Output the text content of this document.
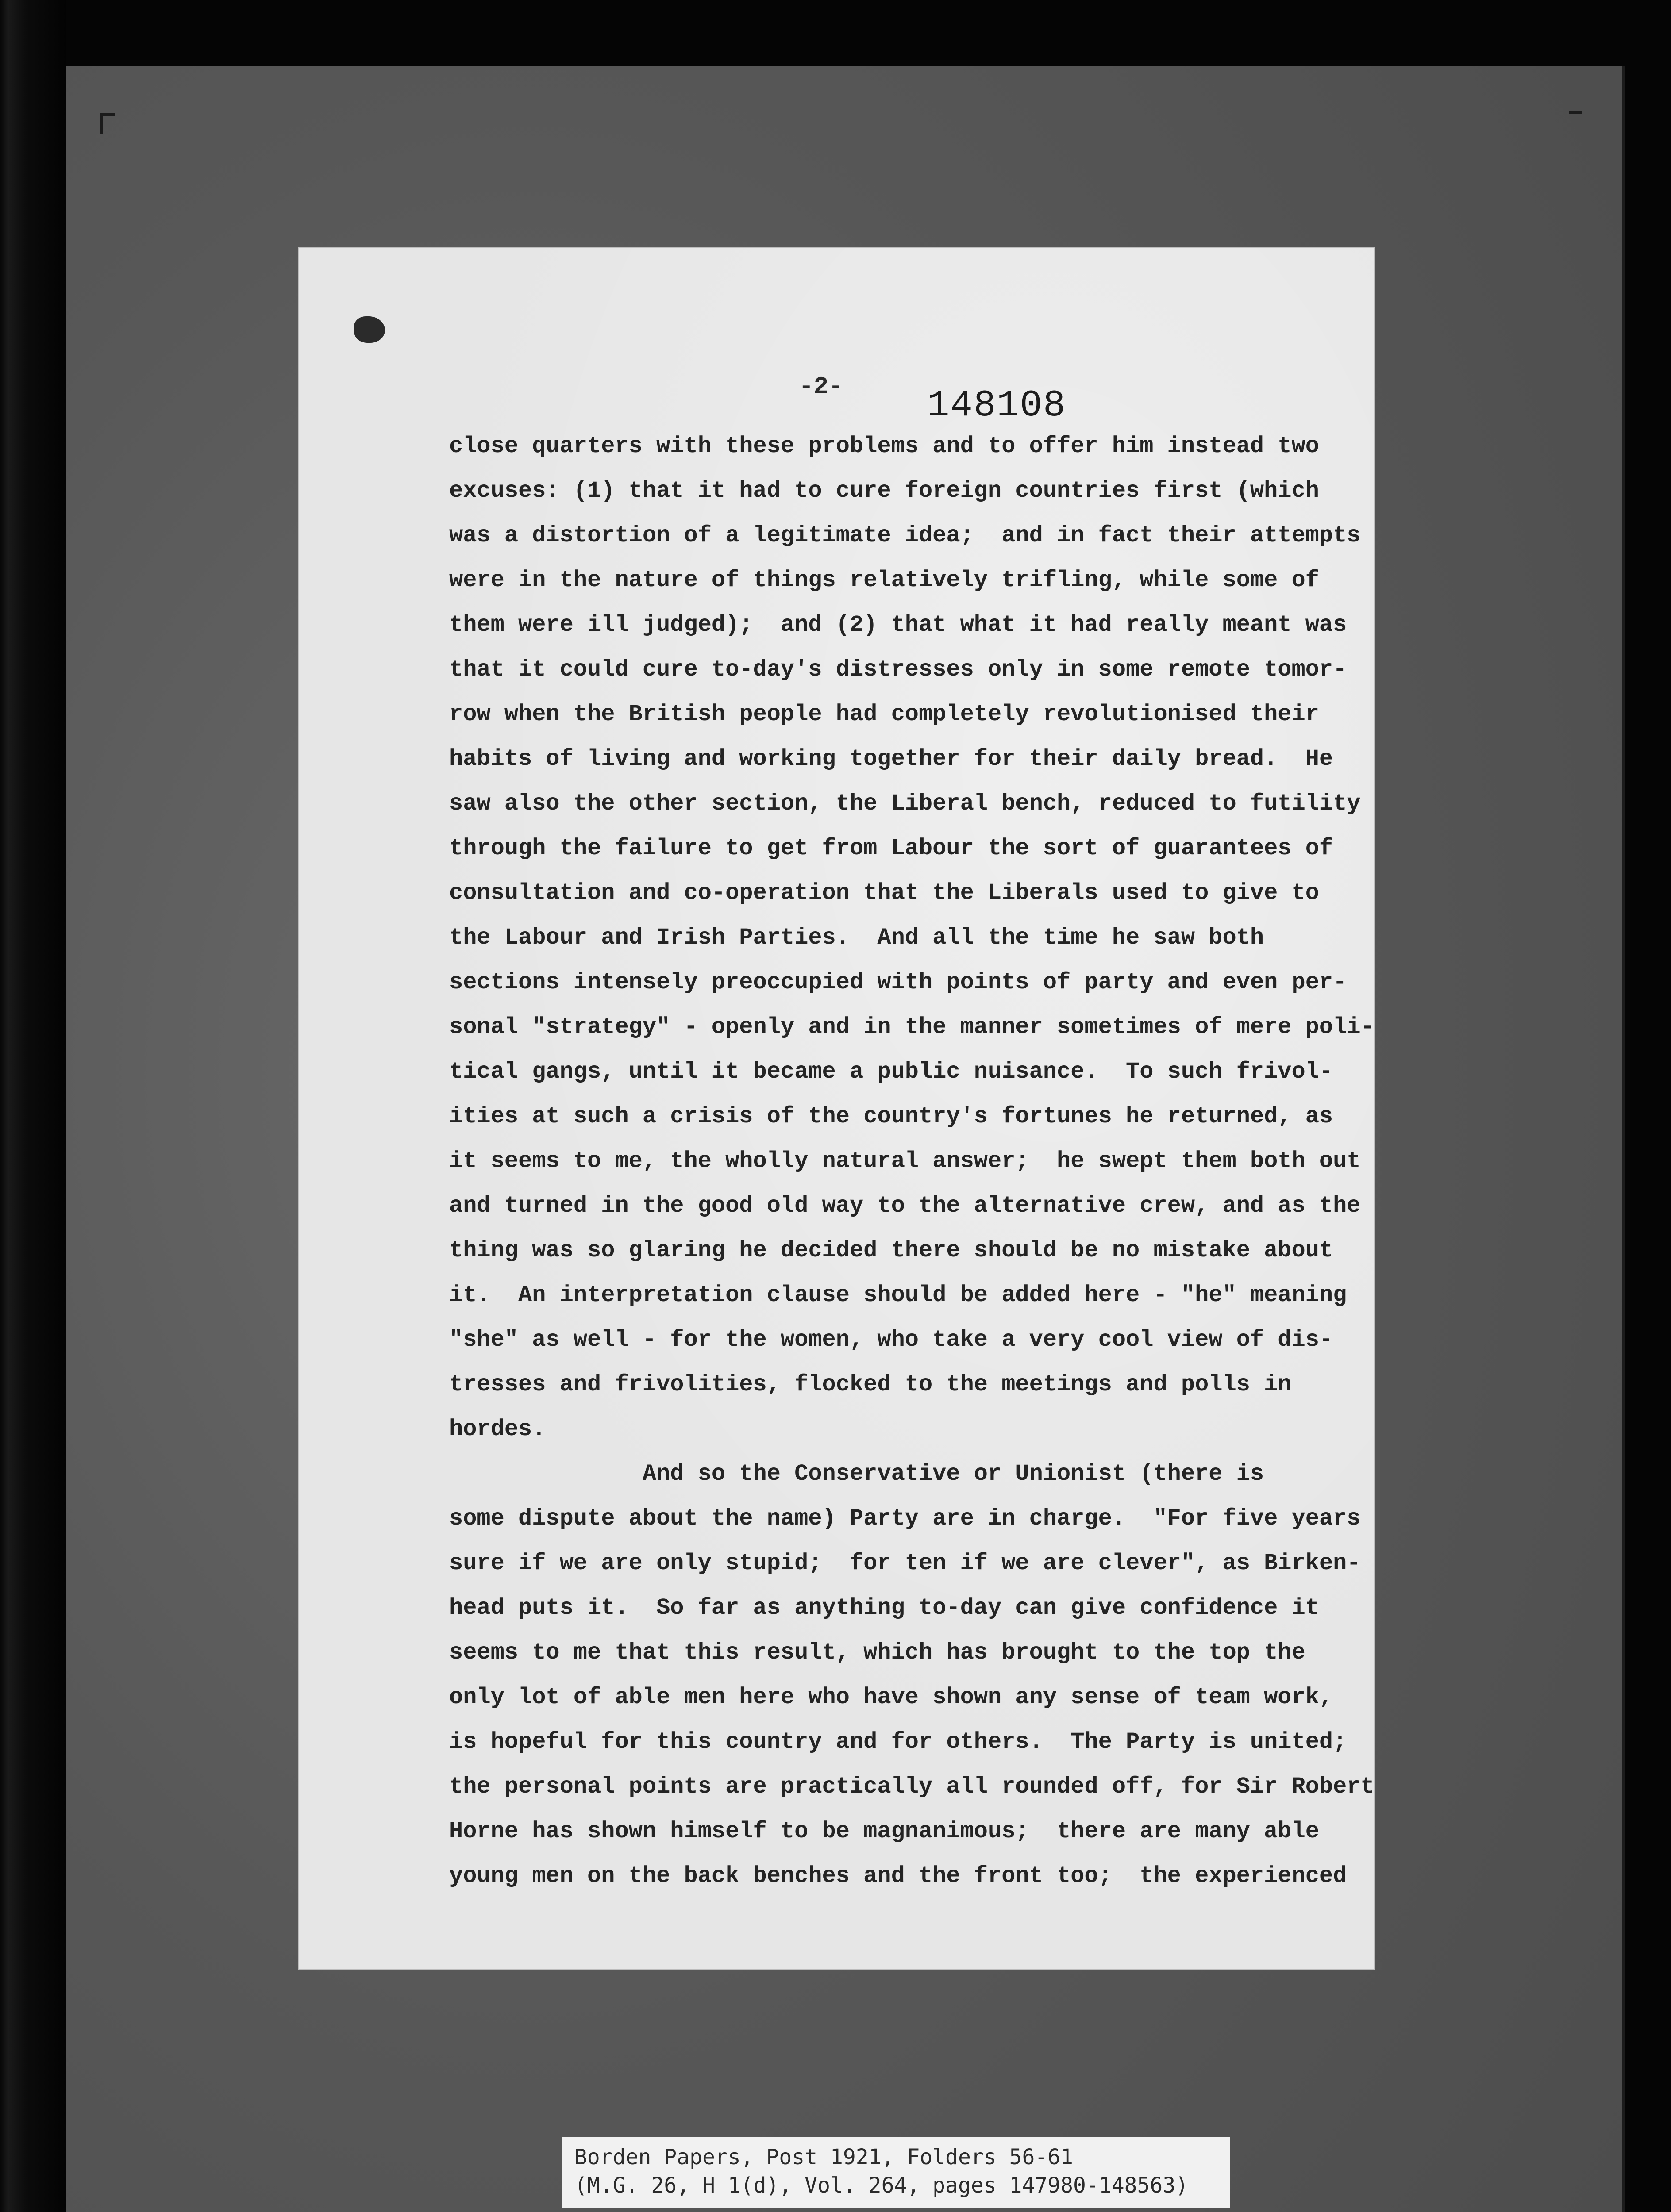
-2- 148108
close quarters with these problems and to offer him instead two
excuses: (1) that it had to cure foreign countries first (which
was a distortion of a legitimate idea;  and in fact their attempts
were in the nature of things relatively trifling, while some of
them were ill judged);  and (2) that what it had really meant was
that it could cure to-day's distresses only in some remote tomor-
row when the British people had completely revolutionised their
habits of living and working together for their daily bread.  He
saw also the other section, the Liberal bench, reduced to futility
through the failure to get from Labour the sort of guarantees of
consultation and co-operation that the Liberals used to give to
the Labour and Irish Parties.  And all the time he saw both
sections intensely preoccupied with points of party and even per-
sonal "strategy" - openly and in the manner sometimes of mere poli-
tical gangs, until it became a public nuisance.  To such frivol-
ities at such a crisis of the country's fortunes he returned, as
it seems to me, the wholly natural answer;  he swept them both out
and turned in the good old way to the alternative crew, and as the
thing was so glaring he decided there should be no mistake about
it.  An interpretation clause should be added here - "he" meaning
"she" as well - for the women, who take a very cool view of dis-
tresses and frivolities, flocked to the meetings and polls in
hordes.
And so the Conservative or Unionist (there is
some dispute about the name) Party are in charge.  "For five years
sure if we are only stupid;  for ten if we are clever", as Birken-
head puts it.  So far as anything to-day can give confidence it
seems to me that this result, which has brought to the top the
only lot of able men here who have shown any sense of team work,
is hopeful for this country and for others.  The Party is united;
the personal points are practically all rounded off, for Sir Robert
Horne has shown himself to be magnanimous;  there are many able
young men on the back benches and the front too;  the experienced
Borden Papers, Post 1921, Folders 56-61
(M.G. 26, H 1(d), Vol. 264, pages 147980-148563)
